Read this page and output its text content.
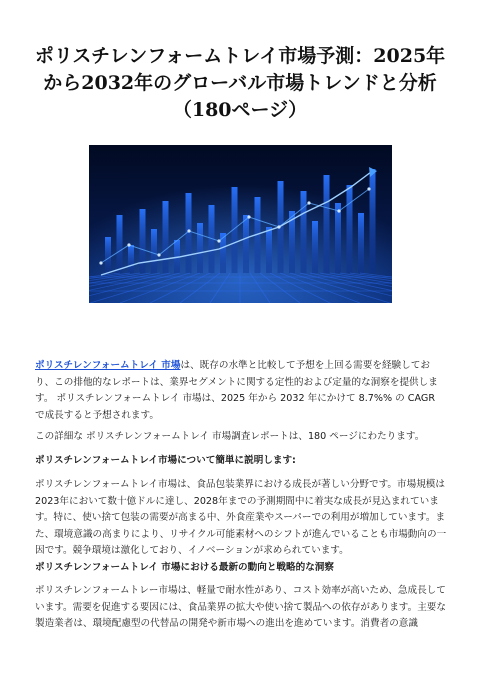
ポリスチレンフォームトレイ市場予測：2025年
から2032年のグローバル市場トレンドと分析
（180ページ）

ポリスチレンフォームトレイ 市場は、既存の水準と比較して予想を上回る需要を経験しており、この排他的なレポートは、業界セグメントに関する定性的および定量的な洞察を提供します。 ポリスチレンフォームトレイ 市場は、2025 年から 2032 年にかけて 8.7%% の CAGR で成長すると予想されます。

この詳細な ポリスチレンフォームトレイ 市場調査レポートは、180 ページにわたります。

ポリスチレンフォームトレイ市場について簡単に説明します:

ポリスチレンフォームトレイ市場は、食品包装業界における成長が著しい分野です。市場規模は2023年において数十億ドルに達し、2028年までの予測期間中に着実な成長が見込まれています。特に、使い捨て包装の需要が高まる中、外食産業やスーパーでの利用が増加しています。また、環境意識の高まりにより、リサイクル可能素材へのシフトが進んでいることも市場動向の一因です。競争環境は激化しており、イノベーションが求められています。

ポリスチレンフォームトレイ 市場における最新の動向と戦略的な洞察

ポリスチレンフォームトレー市場は、軽量で耐水性があり、コスト効率が高いため、急成長しています。需要を促進する要因には、食品業界の拡大や使い捨て製品への依存があります。主要な製造業者は、環境配慮型の代替品の開発や新市場への進出を進めています。消費者の意識
